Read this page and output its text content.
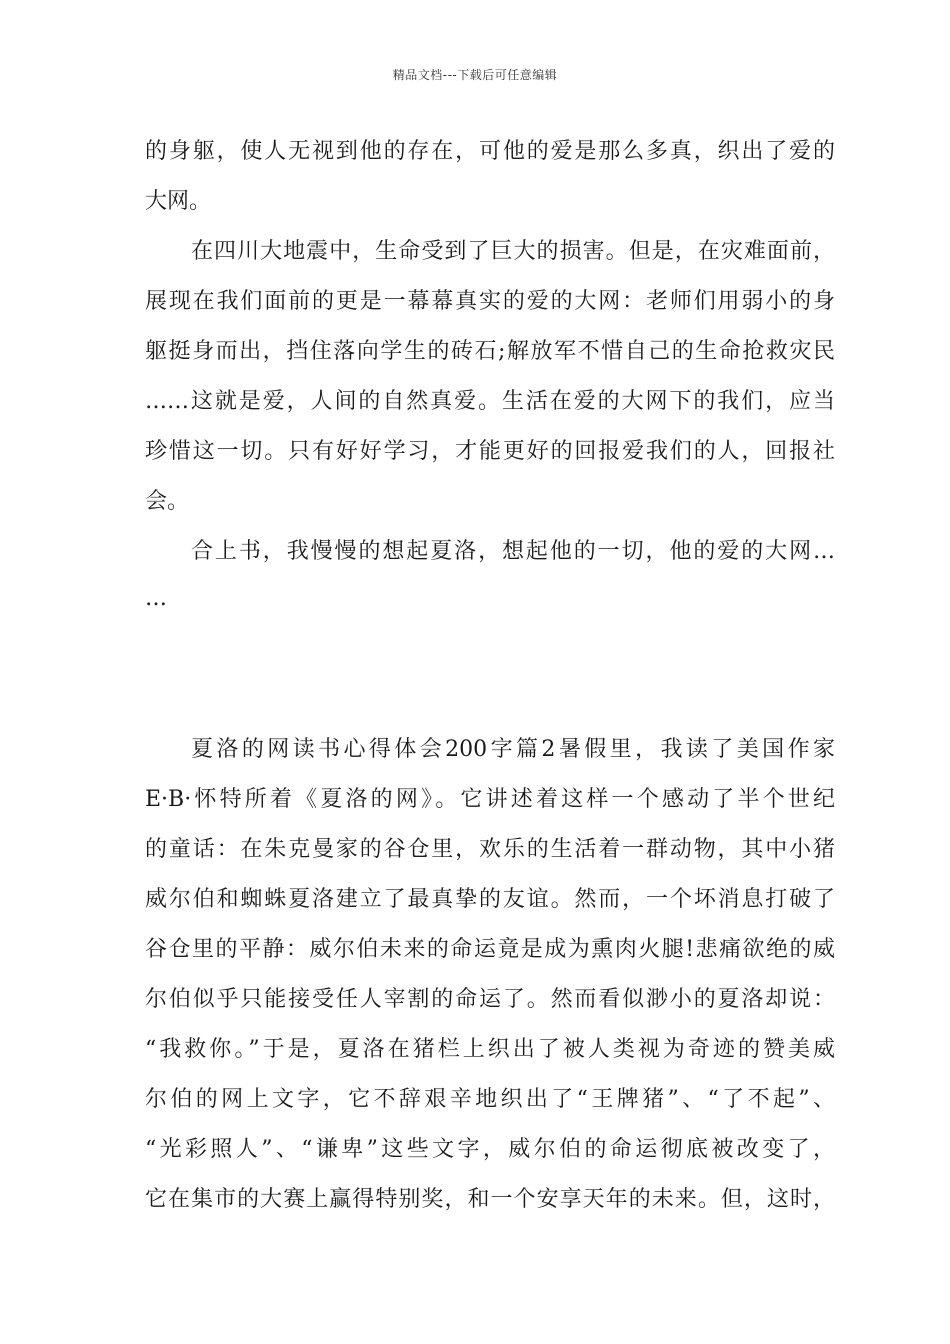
精品文档---下载后可任意编辑
的身躯，使人无视到他的存在，可他的爱是那么多真，织出了爱的
大网。
在四川大地震中，生命受到了巨大的损害。但是，在灾难面前，
展现在我们面前的更是一幕幕真实的爱的大网：老师们用弱小的身
躯挺身而出，挡住落向学生的砖石;解放军不惜自己的生命抢救灾民
……这就是爱，人间的自然真爱。生活在爱的大网下的我们，应当
珍惜这一切。只有好好学习，才能更好的回报爱我们的人，回报社
会。
合上书，我慢慢的想起夏洛，想起他的一切，他的爱的大网…
…
夏洛的网读书心得体会200字篇2暑假里，我读了美国作家
E·B·怀特所着《夏洛的网》。它讲述着这样一个感动了半个世纪
的童话：在朱克曼家的谷仓里，欢乐的生活着一群动物，其中小猪
威尔伯和蜘蛛夏洛建立了最真挚的友谊。然而，一个坏消息打破了
谷仓里的平静：威尔伯未来的命运竟是成为熏肉火腿!悲痛欲绝的威
尔伯似乎只能接受任人宰割的命运了。然而看似渺小的夏洛却说：
“我救你。”于是，夏洛在猪栏上织出了被人类视为奇迹的赞美威
尔伯的网上文字，它不辞艰辛地织出了“王牌猪”、“了不起”、
“光彩照人”、“谦卑”这些文字，威尔伯的命运彻底被改变了，
它在集市的大赛上赢得特别奖，和一个安享天年的未来。但，这时，
